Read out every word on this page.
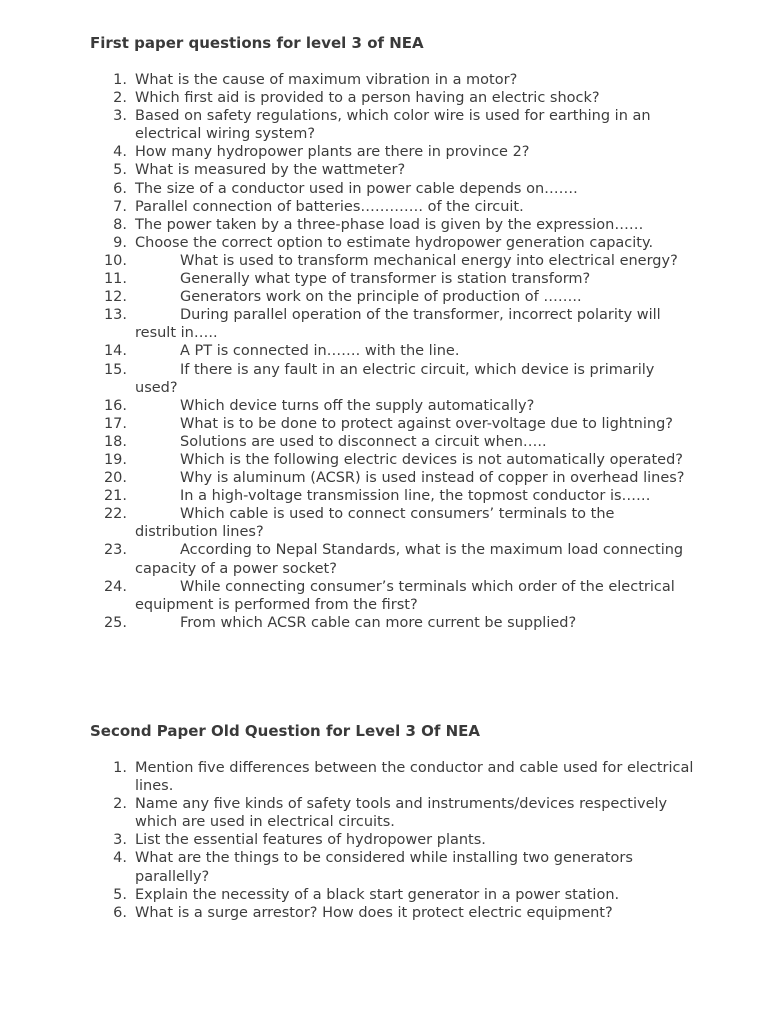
First paper questions for level 3 of NEA
1. What is the cause of maximum vibration in a motor?
2. Which first aid is provided to a person having an electric shock?
3. Based on safety regulations, which color wire is used for earthing in an electrical wiring system?
4. How many hydropower plants are there in province 2?
5. What is measured by the wattmeter?
6. The size of a conductor used in power cable depends on…….
7. Parallel connection of batteries…………. of the circuit.
8. The power taken by a three-phase load is given by the expression……
9. Choose the correct option to estimate hydropower generation capacity.
10.	What is used to transform mechanical energy into electrical energy?
11.	Generally what type of transformer is station transform?
12.	Generators work on the principle of production of ……..
13.	During parallel operation of the transformer, incorrect polarity will result in…..
14.	A PT is connected in……. with the line.
15.	If there is any fault in an electric circuit, which device is primarily used?
16.	Which device turns off the supply automatically?
17.	What is to be done to protect against over-voltage due to lightning?
18.	Solutions are used to disconnect a circuit when…..
19.	Which is the following electric devices is not automatically operated?
20.	Why is aluminum (ACSR) is used instead of copper in overhead lines?
21.	In a high-voltage transmission line, the topmost conductor is……
22.	Which cable is used to connect consumers’ terminals to the distribution lines?
23.	According to Nepal Standards, what is the maximum load connecting capacity of a power socket?
24.	While connecting consumer’s terminals which order of the electrical equipment is performed from the first?
25.	From which ACSR cable can more current be supplied?
Second Paper Old Question for Level 3 Of NEA
1. Mention five differences between the conductor and cable used for electrical lines.
2. Name any five kinds of safety tools and instruments/devices respectively which are used in electrical circuits.
3. List the essential features of hydropower plants.
4. What are the things to be considered while installing two generators parallelly?
5. Explain the necessity of a black start generator in a power station.
6. What is a surge arrestor? How does it protect electric equipment?
